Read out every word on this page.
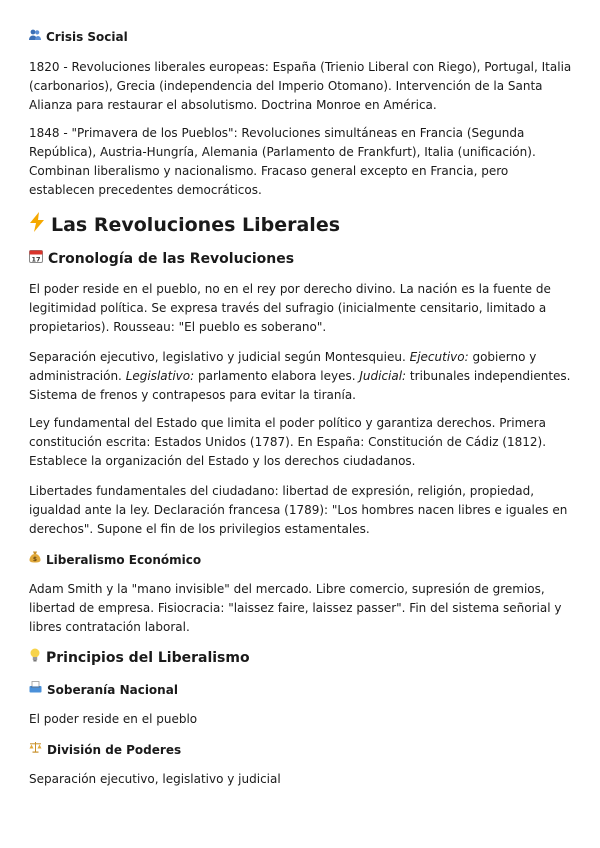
Crisis Social

1820 - Revoluciones liberales europeas: España (Trienio Liberal con Riego), Portugal, Italia (carbonarios), Grecia (independencia del Imperio Otomano). Intervención de la Santa Alianza para restaurar el absolutismo. Doctrina Monroe en América.

1848 - "Primavera de los Pueblos": Revoluciones simultáneas en Francia (Segunda República), Austria-Hungría, Alemania (Parlamento de Frankfurt), Italia (unificación). Combinan liberalismo y nacionalismo. Fracaso general excepto en Francia, pero establecen precedentes democráticos.

Las Revoluciones Liberales
17 Cronología de las Revoluciones

El poder reside en el pueblo, no en el rey por derecho divino. La nación es la fuente de legitimidad política. Se expresa través del sufragio (inicialmente censitario, limitado a propietarios). Rousseau: "El pueblo es soberano".

Separación ejecutivo, legislativo y judicial según Montesquieu. Ejecutivo: gobierno y administración. Legislativo: parlamento elabora leyes. Judicial: tribunales independientes. Sistema de frenos y contrapesos para evitar la tiranía.

Ley fundamental del Estado que limita el poder político y garantiza derechos. Primera constitución escrita: Estados Unidos (1787). En España: Constitución de Cádiz (1812). Establece la organización del Estado y los derechos ciudadanos.

Libertades fundamentales del ciudadano: libertad de expresión, religión, propiedad, igualdad ante la ley. Declaración francesa (1789): "Los hombres nacen libres e iguales en derechos". Supone el fin de los privilegios estamentales.

$ Liberalismo Económico

Adam Smith y la "mano invisible" del mercado. Libre comercio, supresión de gremios, libertad de empresa. Fisiocracia: "laissez faire, laissez passer". Fin del sistema señorial y libres contratación laboral.

Principios del Liberalismo
Soberanía Nacional

El poder reside en el pueblo

División de Poderes

Separación ejecutivo, legislativo y judicial
